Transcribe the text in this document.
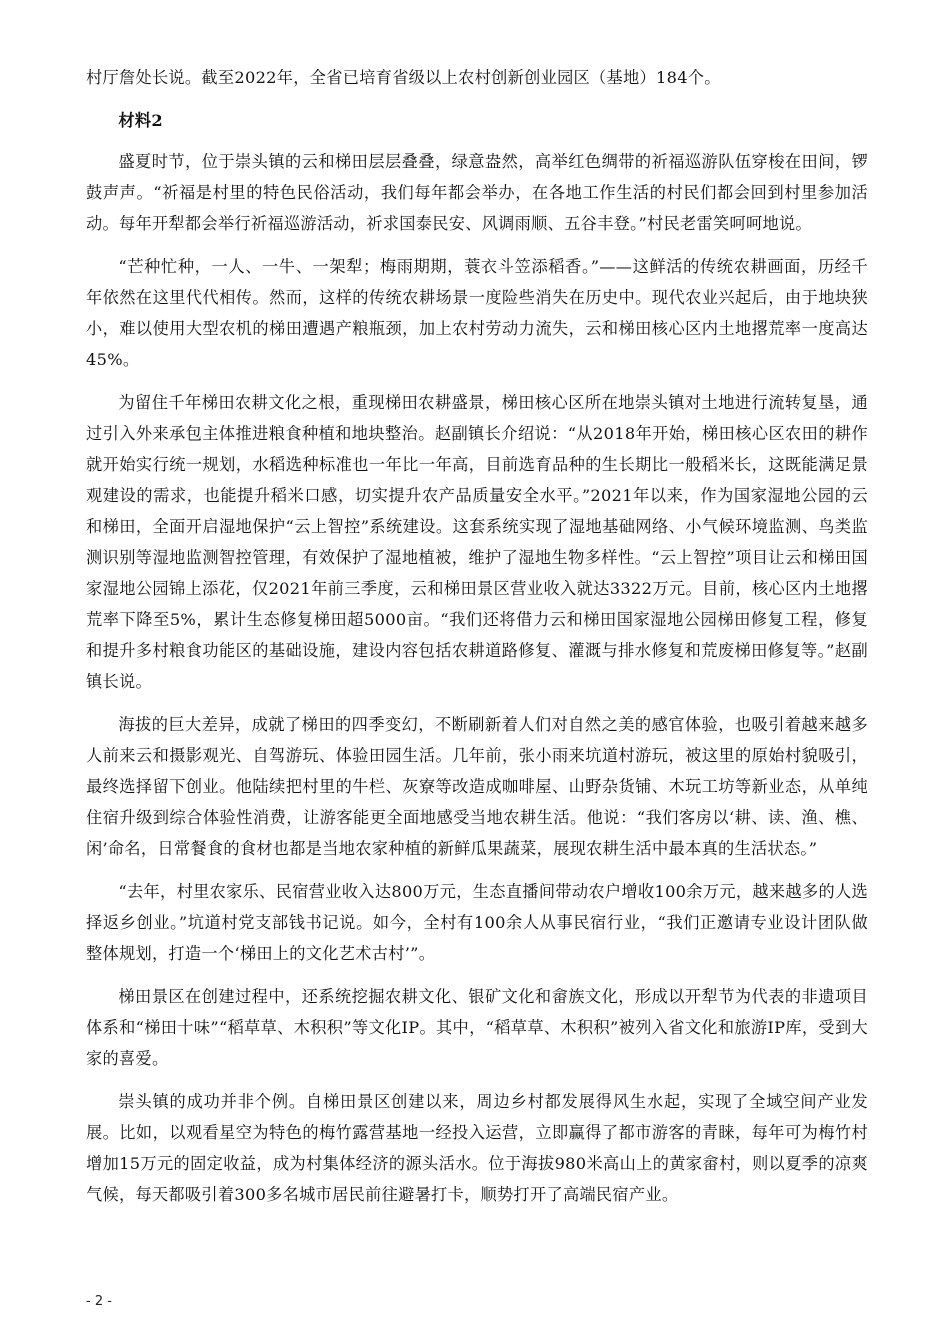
村厅詹处长说。截至2022年，全省已培育省级以上农村创新创业园区（基地）184个。

材料2

盛夏时节，位于崇头镇的云和梯田层层叠叠，绿意盎然，高举红色绸带的祈福巡游队伍穿梭在田间，锣鼓声声。“祈福是村里的特色民俗活动，我们每年都会举办，在各地工作生活的村民们都会回到村里参加活动。每年开犁都会举行祈福巡游活动，祈求国泰民安、风调雨顺、五谷丰登。”村民老雷笑呵呵地说。

“芒种忙种，一人、一牛、一架犁；梅雨期期，蓑衣斗笠添稻香。”——这鲜活的传统农耕画面，历经千年依然在这里代代相传。然而，这样的传统农耕场景一度险些消失在历史中。现代农业兴起后，由于地块狭小，难以使用大型农机的梯田遭遇产粮瓶颈，加上农村劳动力流失，云和梯田核心区内土地撂荒率一度高达45%。

为留住千年梯田农耕文化之根，重现梯田农耕盛景，梯田核心区所在地崇头镇对土地进行流转复垦，通过引入外来承包主体推进粮食种植和地块整治。赵副镇长介绍说：“从2018年开始，梯田核心区农田的耕作就开始实行统一规划，水稻选种标准也一年比一年高，目前选育品种的生长期比一般稻米长，这既能满足景观建设的需求，也能提升稻米口感，切实提升农产品质量安全水平。”2021年以来，作为国家湿地公园的云和梯田，全面开启湿地保护“云上智控”系统建设。这套系统实现了湿地基础网络、小气候环境监测、鸟类监测识别等湿地监测智控管理，有效保护了湿地植被，维护了湿地生物多样性。“云上智控”项目让云和梯田国家湿地公园锦上添花，仅2021年前三季度，云和梯田景区营业收入就达3322万元。目前，核心区内土地撂荒率下降至5%，累计生态修复梯田超5000亩。“我们还将借力云和梯田国家湿地公园梯田修复工程，修复和提升多村粮食功能区的基础设施，建设内容包括农耕道路修复、灌溉与排水修复和荒废梯田修复等。”赵副镇长说。

海拔的巨大差异，成就了梯田的四季变幻，不断刷新着人们对自然之美的感官体验，也吸引着越来越多人前来云和摄影观光、自驾游玩、体验田园生活。几年前，张小雨来坑道村游玩，被这里的原始村貌吸引，最终选择留下创业。他陆续把村里的牛栏、灰寮等改造成咖啡屋、山野杂货铺、木玩工坊等新业态，从单纯住宿升级到综合体验性消费，让游客能更全面地感受当地农耕生活。他说：“我们客房以‘耕、读、渔、樵、闲’命名，日常餐食的食材也都是当地农家种植的新鲜瓜果蔬菜，展现农耕生活中最本真的生活状态。”

“去年，村里农家乐、民宿营业收入达800万元，生态直播间带动农户增收100余万元，越来越多的人选择返乡创业。”坑道村党支部钱书记说。如今，全村有100余人从事民宿行业，“我们正邀请专业设计团队做整体规划，打造一个‘梯田上的文化艺术古村’”。

梯田景区在创建过程中，还系统挖掘农耕文化、银矿文化和畲族文化，形成以开犁节为代表的非遗项目体系和“梯田十味”“稻草草、木积积”等文化IP。其中，“稻草草、木积积”被列入省文化和旅游IP库，受到大家的喜爱。

崇头镇的成功并非个例。自梯田景区创建以来，周边乡村都发展得风生水起，实现了全域空间产业发展。比如，以观看星空为特色的梅竹露营基地一经投入运营，立即赢得了都市游客的青睐，每年可为梅竹村增加15万元的固定收益，成为村集体经济的源头活水。位于海拔980米高山上的黄家畲村，则以夏季的凉爽气候，每天都吸引着300多名城市居民前往避暑打卡，顺势打开了高端民宿产业。

- 2 -
